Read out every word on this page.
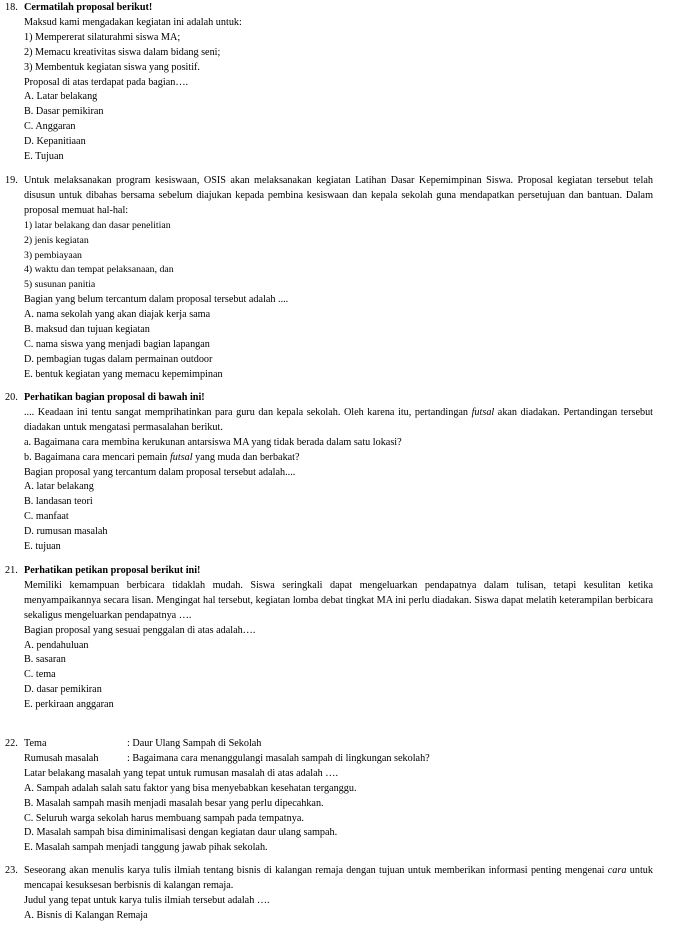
18. Cermatilah proposal berikut!
Maksud kami mengadakan kegiatan ini adalah untuk:
1) Mempererat silaturahmi siswa MA;
2) Memacu kreativitas siswa dalam bidang seni;
3) Membentuk kegiatan siswa yang positif.
Proposal di atas terdapat pada bagian….
A. Latar belakang
B. Dasar pemikiran
C. Anggaran
D. Kepanitiaan
E. Tujuan
19. Untuk melaksanakan program kesiswaan, OSIS akan melaksanakan kegiatan Latihan Dasar Kepemimpinan Siswa. Proposal kegiatan tersebut telah disusun untuk dibahas bersama sebelum diajukan kepada pembina kesiswaan dan kepala sekolah guna mendapatkan persetujuan dan bantuan. Dalam proposal memuat hal-hal:
1) latar belakang dan dasar penelitian
2) jenis kegiatan
3) pembiayaan
4) waktu dan tempat pelaksanaan, dan
5) susunan panitia
Bagian yang belum tercantum dalam proposal tersebut adalah ....
A. nama sekolah yang akan diajak kerja sama
B. maksud dan tujuan kegiatan
C. nama siswa yang menjadi bagian lapangan
D. pembagian tugas dalam permainan outdoor
E. bentuk kegiatan yang memacu kepemimpinan
20. Perhatikan bagian proposal di bawah ini!
.... Keadaan ini tentu sangat memprihatinkan para guru dan kepala sekolah. Oleh karena itu, pertandingan futsal akan diadakan. Pertandingan tersebut diadakan untuk mengatasi permasalahan berikut.
a. Bagaimana cara membina kerukunan antarsiswa MA yang tidak berada dalam satu lokasi?
b. Bagaimana cara mencari pemain futsal yang muda dan berbakat?
Bagian proposal yang tercantum dalam proposal tersebut adalah....
A. latar belakang
B. landasan teori
C. manfaat
D. rumusan masalah
E. tujuan
21. Perhatikan petikan proposal berikut ini!
Memiliki kemampuan berbicara tidaklah mudah. Siswa seringkali dapat mengeluarkan pendapatnya dalam tulisan, tetapi kesulitan ketika menyampaikannya secara lisan. Mengingat hal tersebut, kegiatan lomba debat tingkat MA ini perlu diadakan. Siswa dapat melatih keterampilan berbicara sekaligus mengeluarkan pendapatnya ….
Bagian proposal yang sesuai penggalan di atas adalah….
A. pendahuluan
B. sasaran
C. tema
D. dasar pemikiran
E. perkiraan anggaran
22. Tema	: Daur Ulang Sampah di Sekolah
Rumusah masalah	: Bagaimana cara menanggulangi masalah sampah di lingkungan sekolah?
Latar belakang masalah yang tepat untuk rumusan masalah di atas adalah ….
A. Sampah adalah salah satu faktor yang bisa menyebabkan kesehatan terganggu.
B. Masalah sampah masih menjadi masalah besar yang perlu dipecahkan.
C. Seluruh warga sekolah harus membuang sampah pada tempatnya.
D. Masalah sampah bisa diminimalisasi dengan kegiatan daur ulang sampah.
E. Masalah sampah menjadi tanggung jawab pihak sekolah.
23. Seseorang akan menulis karya tulis ilmiah tentang bisnis di kalangan remaja dengan tujuan untuk memberikan informasi penting mengenai cara untuk mencapai kesuksesan berbisnis di kalangan remaja.
Judul yang tepat untuk karya tulis ilmiah tersebut adalah ….
A. Bisnis di Kalangan Remaja
